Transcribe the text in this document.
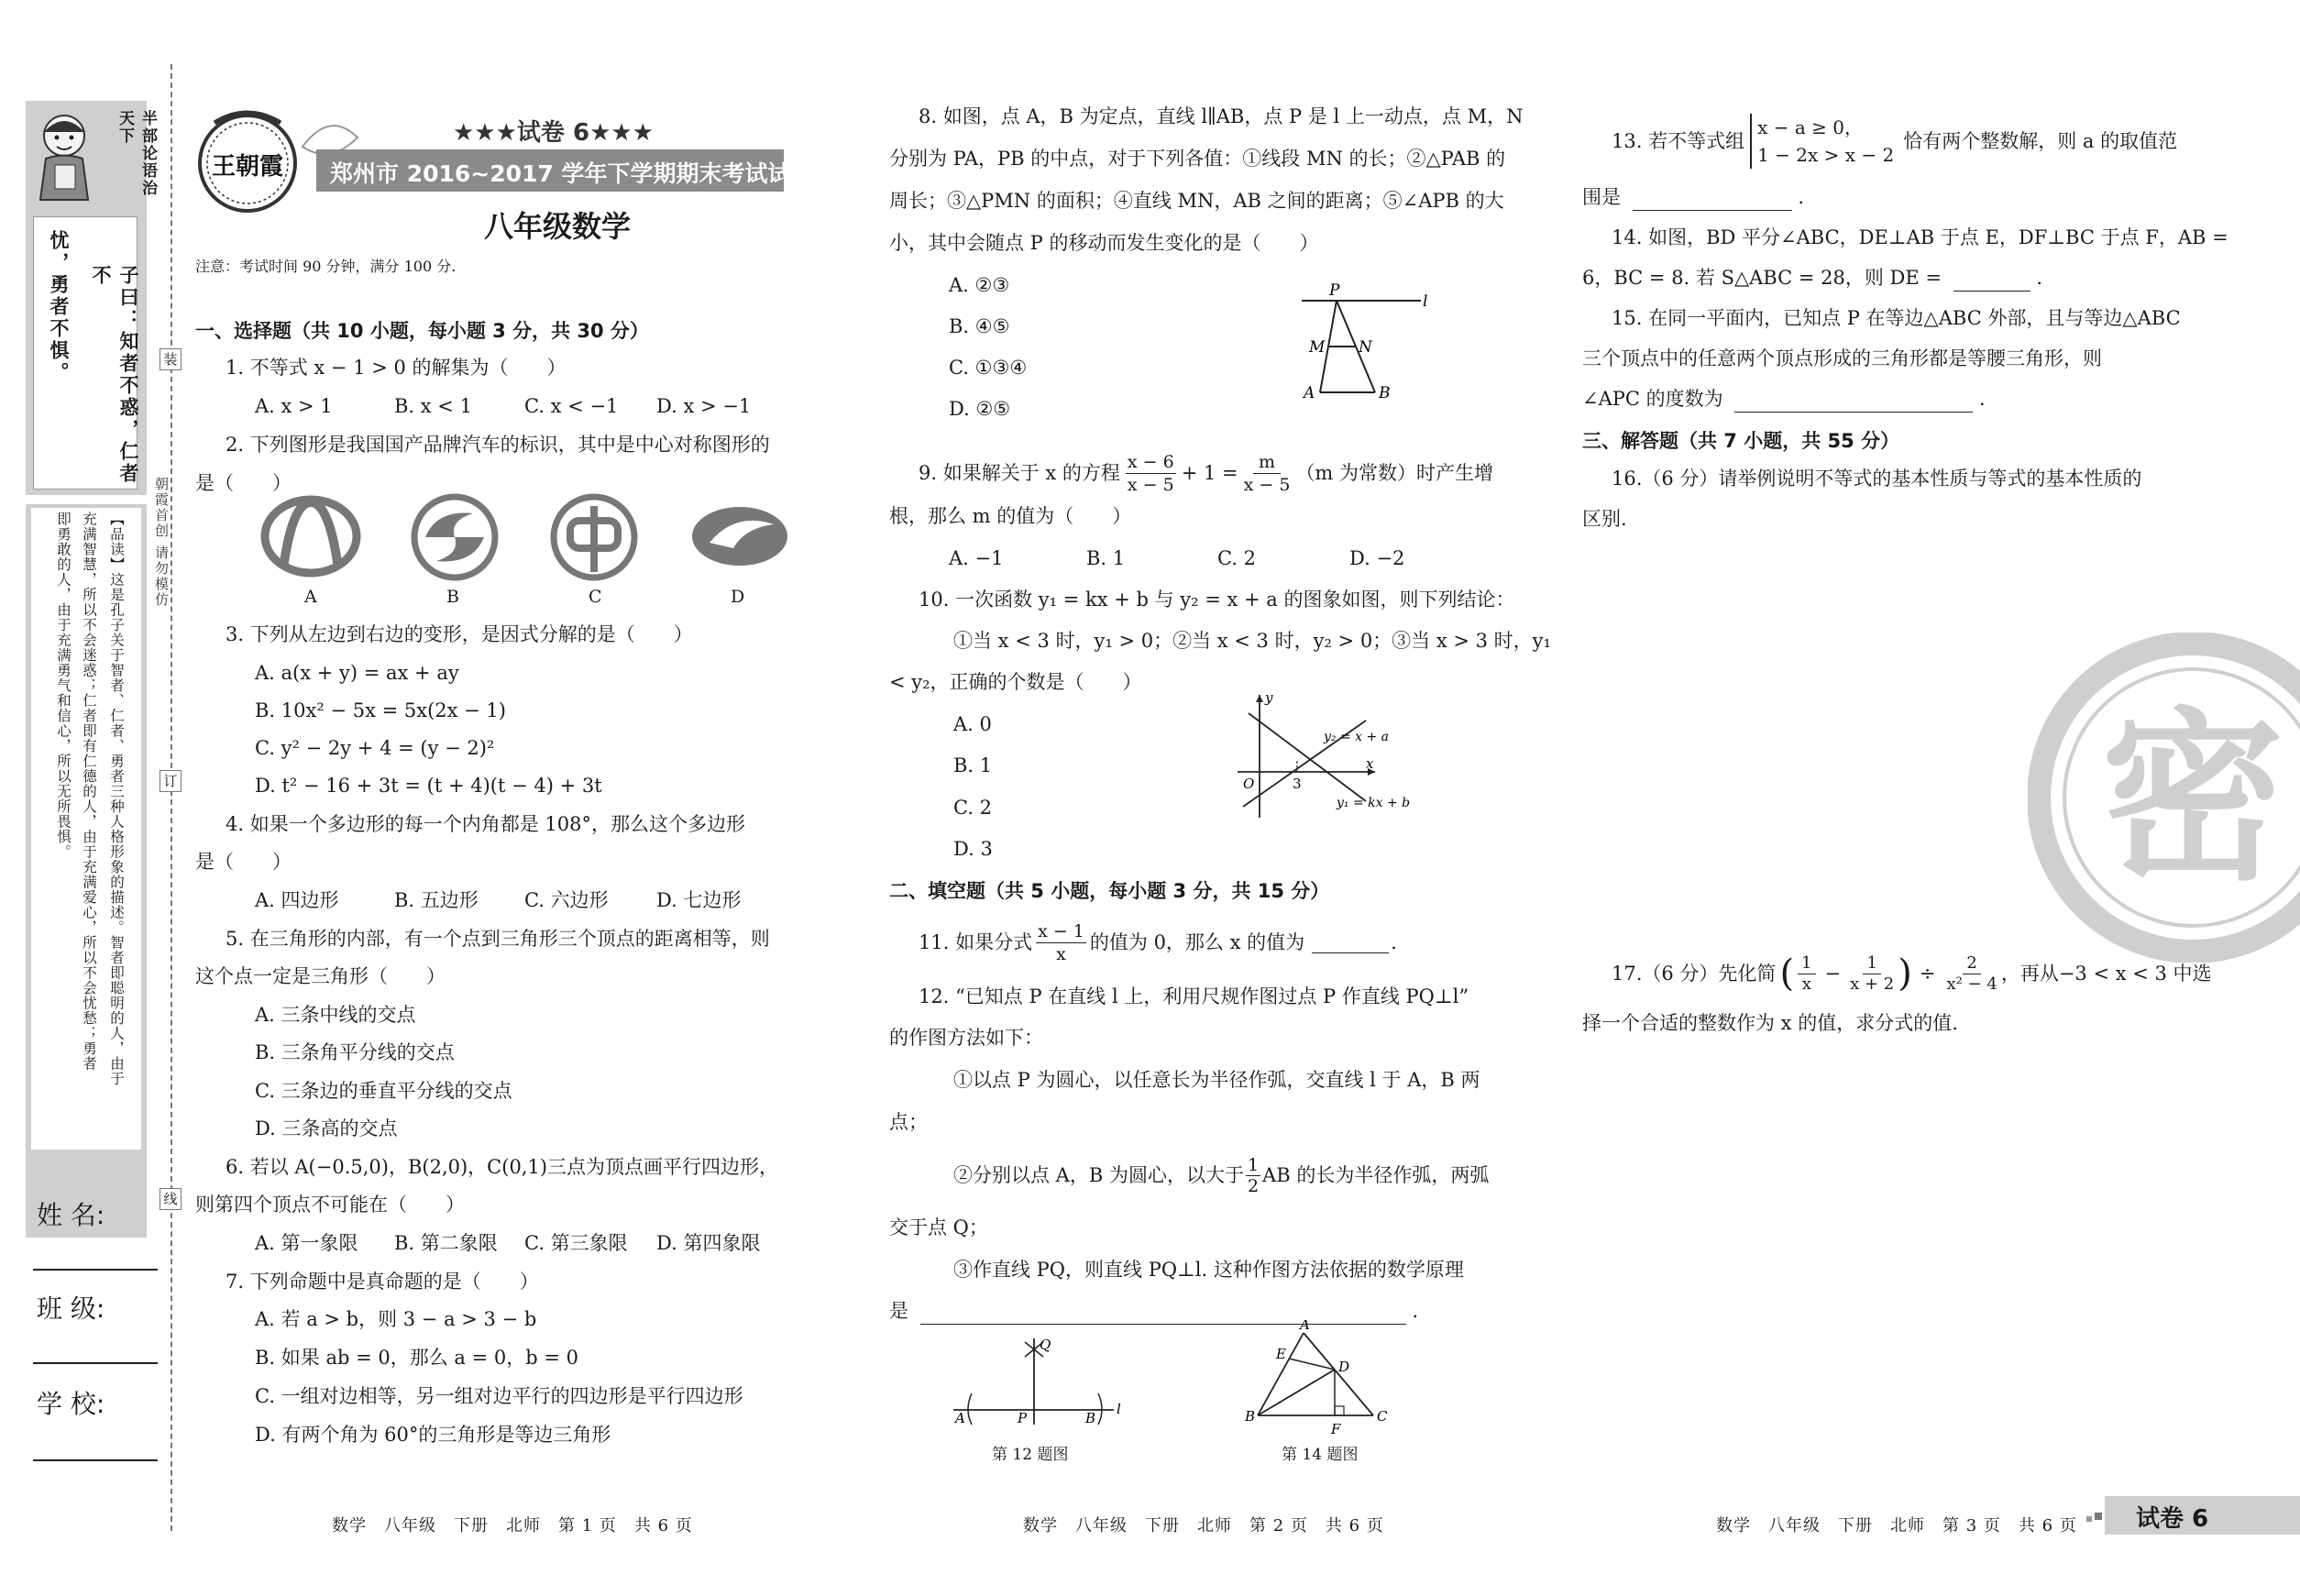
半部论语治天下
忧，勇者不惧。	子曰：知者不惑，仁者不
【品读】这是孔子关于智者、仁者、勇者三种人格形象的描述。智者即聪明的人，由于
充满智慧，所以不会迷惑；仁者即有仁德的人，由于充满爱心，所以不会忧愁；勇者
即勇敢的人，由于充满勇气和信心，所以无所畏惧。	朝霞首创 请勿模仿
装
订
线
姓 名:
班 级:
学 校:
王朝霞
★★★试卷 6★★★
郑州市 2016~2017 学年下学期期末考试试题卷
八年级数学
注意：考试时间 90 分钟，满分 100 分.
一、选择题（共 10 小题，每小题 3 分，共 30 分）
1. 不等式 x − 1 > 0 的解集为（　　）
A. x > 1	B. x < 1	C. x < −1 D. x > −1
2. 下列图形是我国国产品牌汽车的标识，其中是中心对称图形的
是（　　）
A	B	C	D
3. 下列从左边到右边的变形，是因式分解的是（　　）
A. a(x + y) = ax + ay
B. 10x² − 5x = 5x(2x − 1)
C. y² − 2y + 4 = (y − 2)²
D. t² − 16 + 3t = (t + 4)(t − 4) + 3t
4. 如果一个多边形的每一个内角都是 108°，那么这个多边形
是（　　）
A. 四边形	B. 五边形 C. 六边形 D. 七边形
5. 在三角形的内部，有一个点到三角形三个顶点的距离相等，则
这个点一定是三角形（　　）
A. 三条中线的交点
B. 三条角平分线的交点
C. 三条边的垂直平分线的交点
D. 三条高的交点
6. 若以 A(−0.5,0)，B(2,0)，C(0,1)三点为顶点画平行四边形，
则第四个顶点不可能在（　　）
A. 第一象限 B. 第二象限 C. 第三象限 D. 第四象限
7. 下列命题中是真命题的是（　　）
A. 若 a > b，则 3 − a > 3 − b
B. 如果 ab = 0，那么 a = 0，b = 0
C. 一组对边相等，另一组对边平行的四边形是平行四边形
D. 有两个角为 60°的三角形是等边三角形
数学　八年级　下册　北师　第 1 页　共 6 页
8. 如图，点 A，B 为定点，直线 l∥AB，点 P 是 l 上一动点，点 M，N
分别为 PA，PB 的中点，对于下列各值：①线段 MN 的长；②△PAB 的
周长；③△PMN 的面积；④直线 MN，AB 之间的距离；⑤∠APB 的大
小，其中会随点 P 的移动而发生变化的是（　　）
A. ②③
B. ④⑤
C. ①③④
D. ②⑤
P
l
M N
A	B
9. 如果解关于 x 的方程
x − 6
x − 5
+ $1 = \frac{m}{x - 5} (m$ 为常数）时产生增
根，那么 m 的值为（　　）
A. −1	B. 1	C. 2	D. −2
10. 一次函数 y₁ = kx + b 与 y₂ = x + a 的图象如图，则下列结论：
①当 x < 3 时，y₁ > 0；②当 x < 3 时，y₂ > 0；③当 x > 3 时，y₁
< y₂，正确的个数是（　　）
A. 0
B. 1
C. 2
D. 3
y
x
O	3
y₂ = x + a
y₁ = kx + b
二、填空题（共 5 小题，每小题 3 分，共 15 分）
11. 如果分式
x − 1
x
的值为 0，那么 x 的值为	.
12. “已知点 P 在直线 l 上，利用尺规作图过点 P 作直线 PQ⊥l”
的作图方法如下：
①以点 P 为圆心，以任意长为半径作弧，交直线 l 于 A，B 两
点；
②分别以点 A，B 为圆心，以大于 1
2 AB 的长为半径作弧，两弧
交于点 Q；
③作直线 PQ，则直线 PQ⊥l. 这种作图方法依据的数学原理
是	.
Q
A	P	B
l
第 12 题图
A
E
D
B
F
C
第 14 题图
数学　八年级　下册　北师　第 2 页　共 6 页
13. 若不等式组
x − a ≥ 0，
1 − 2x > x − 2
恰有两个整数解，则 a 的取值范
围是	.
14. 如图，BD 平分∠ABC，DE⊥AB 于点 E，DF⊥BC 于点 F，AB =
6，BC = 8. 若 S△ABC = 28，则 DE =	.
15. 在同一平面内，已知点 P 在等边△ABC 外部，且与等边△ABC
三个顶点中的任意两个顶点形成的三角形都是等腰三角形，则
∠APC 的度数为	.
三、解答题（共 7 小题，共 55 分）
16.（6 分）请举例说明不等式的基本性质与等式的基本性质的
区别.
密
17.（6 分）先化简 ( 1
$x - \frac{1}{x + 2}$ ) ÷ $\frac{2}{\text{x² − 4}}$ ，再从−3 < x < 3 中选
择一个合适的整数作为 x 的值，求分式的值.
数学　八年级　下册　北师　第 3 页　共 6 页 试卷 6
